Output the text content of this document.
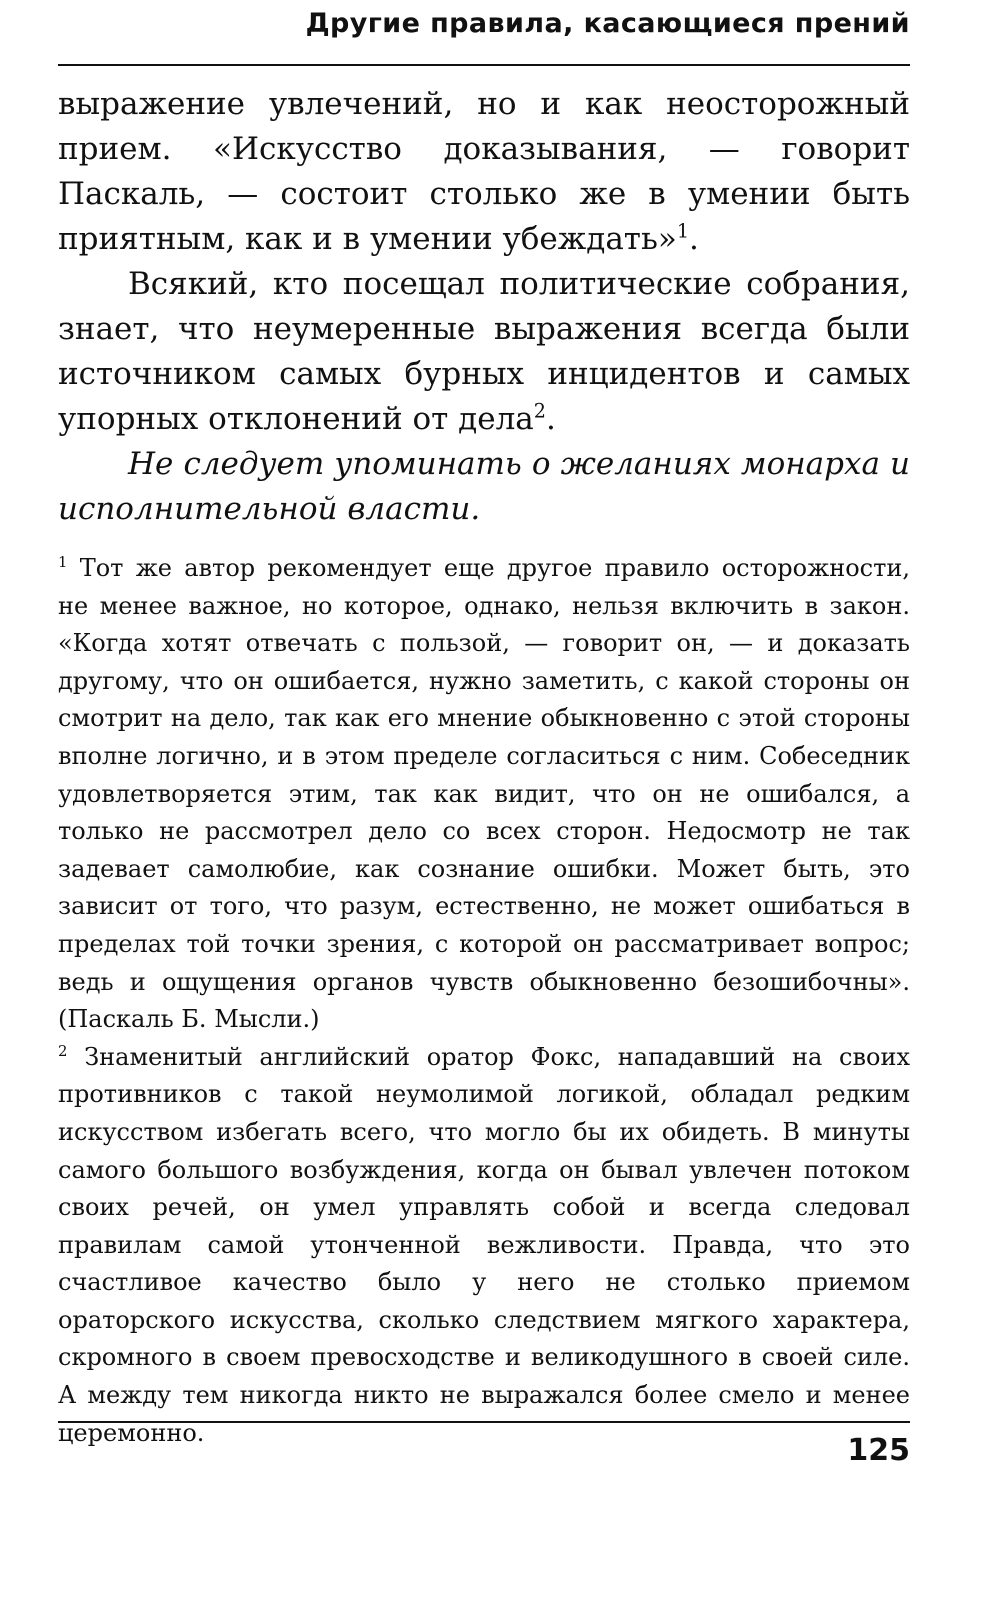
Другие правила, касающиеся прений

выражение увлечений, но и как неосторожный прием. «Искусство доказывания, — говорит Паскаль, — состоит столько же в умении быть приятным, как и в умении убеждать»$^1$.

Всякий, кто посещал политические собрания, знает, что неумеренные выражения всегда были источником самых бурных инцидентов и самых упорных отклонений от дела$^2$.

Не следует упоминать о желаниях монарха и исполнительной власти.

$^1$ Тот же автор рекомендует еще другое правило осторожности, не менее важное, но которое, однако, нельзя включить в закон. «Когда хотят отвечать с пользой, — говорит он, — и доказать другому, что он ошибается, нужно заметить, с какой стороны он смотрит на дело, так как его мнение обыкновенно с этой стороны вполне логично, и в этом пределе согласиться с ним. Собеседник удовлетворяется этим, так как видит, что он не ошибался, а только не рассмотрел дело со всех сторон. Недосмотр не так задевает самолюбие, как сознание ошибки. Может быть, это зависит от того, что разум, естественно, не может ошибаться в пределах той точки зрения, с которой он рассматривает вопрос; ведь и ощущения органов чувств обыкновенно безошибочны». (Паскаль Б. Мысли.)

$^2$ Знаменитый английский оратор Фокс, нападавший на своих противников с такой неумолимой логикой, обладал редким искусством избегать всего, что могло бы их обидеть. В минуты самого большого возбуждения, когда он бывал увлечен потоком своих речей, он умел управлять собой и всегда следовал правилам самой утонченной вежливости. Правда, что это счастливое качество было у него не столько приемом ораторского искусства, сколько следствием мягкого характера, скромного в своем превосходстве и великодушного в своей силе. А между тем никогда никто не выражался более смело и менее церемонно.

125
